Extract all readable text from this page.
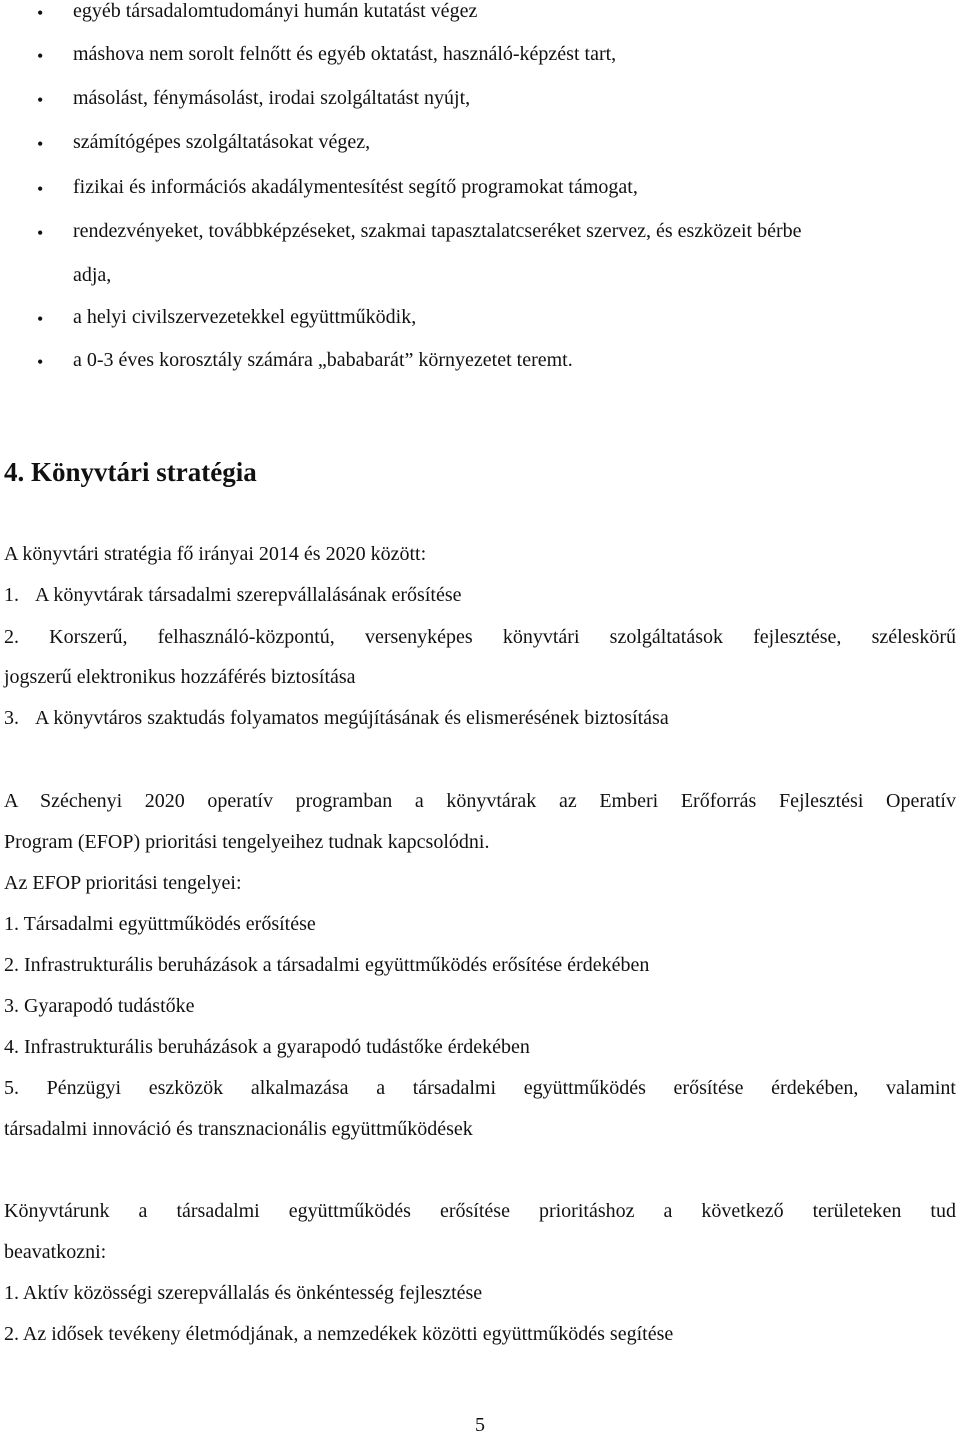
• egyéb társadalomtudományi humán kutatást végez
• máshova nem sorolt felnőtt és egyéb oktatást, használó-képzést tart,
• másolást, fénymásolást, irodai szolgáltatást nyújt,
• számítógépes szolgáltatásokat végez,
• fizikai és információs akadálymentesítést segítő programokat támogat,
• rendezvényeket, továbbképzéseket, szakmai tapasztalatcseréket szervez, és eszközeit bérbe
adja,
• a helyi civilszervezetekkel együttműködik,
• a 0-3 éves korosztály számára „bababarát” környezetet teremt.
4. Könyvtári stratégia
A könyvtári stratégia fő irányai 2014 és 2020 között:
1. A könyvtárak társadalmi szerepvállalásának erősítése
2. Korszerű, felhasználó-központú, versenyképes könyvtári szolgáltatások fejlesztése, széleskörű
jogszerű elektronikus hozzáférés biztosítása
3. A könyvtáros szaktudás folyamatos megújításának és elismerésének biztosítása
A Széchenyi 2020 operatív programban a könyvtárak az Emberi Erőforrás Fejlesztési Operatív
Program (EFOP) prioritási tengelyeihez tudnak kapcsolódni.
Az EFOP prioritási tengelyei:
1. Társadalmi együttműködés erősítése
2. Infrastrukturális beruházások a társadalmi együttműködés erősítése érdekében
3. Gyarapodó tudástőke
4. Infrastrukturális beruházások a gyarapodó tudástőke érdekében
5. Pénzügyi eszközök alkalmazása a társadalmi együttműködés erősítése érdekében, valamint
társadalmi innováció és transznacionális együttműködések
Könyvtárunk a társadalmi együttműködés erősítése prioritáshoz a következő területeken tud
beavatkozni:
1. Aktív közösségi szerepvállalás és önkéntesség fejlesztése
2. Az idősek tevékeny életmódjának, a nemzedékek közötti együttműködés segítése
5
